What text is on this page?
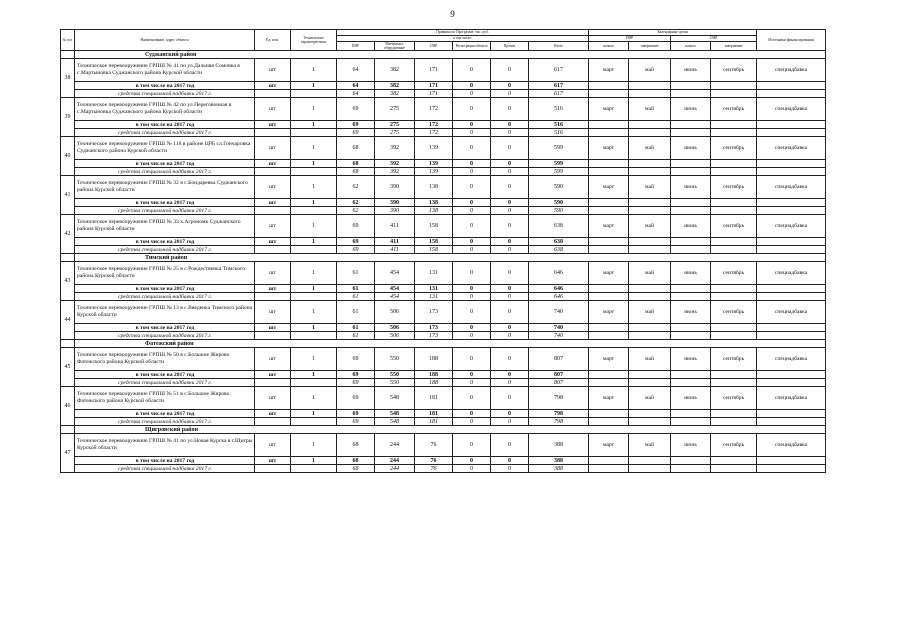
9
№ п/п	Наименование, адрес объекта	Ед. изм.	Технические характеристики	Привязка по Программе, тыс. руб.						Календарные сроки				Источники финансирования
				в том числе:						ПИР		СМР		
				ПИР	Материалы, оборудование	СМР	Регистрация объекта	Прочие	Итого	начало	завершение	начало	завершение	
	Суджанский район													
38	Техническое перевооружение ГРПШ № 41 по ул.Дальняя Сомовка в с.Мартыновка Суджанского района Курской области	шт	1	64	382	171	0	0	617	март	май	июнь	сентябрь	спецнадбавка
	в том числе на 2017 год	шт	1	64	382	171	0	0	617					
	средства специальной надбавки 2017 г.			64	382	171	0	0	617					
39	Техническое перевооружение ГРПШ № 42 по ул.Переговонная в с.Мартыновка Суджанского района Курской области	шт	1	69	275	172	0	0	516	март	май	июнь	сентябрь	спецнадбавка
	в том числе на 2017 год	шт	1	69	275	172	0	0	516					
	средства специальной надбавки 2017 г.			69	275	172	0	0	516					
40	Техническое перевооружение ГРПШ № 118 в районе ЦРБ сл.Гончаровка Суджанского района Курской области	шт	1	68	392	139	0	0	599	март	май	июнь	сентябрь	спецнадбавка
	в том числе на 2017 год	шт	1	68	392	139	0	0	599					
	средства специальной надбавки 2017 г.			68	392	139	0	0	599					
41	Техническое перевооружение ГРПШ № 32 в с.Бондаревка Суджанского района Курской области	шт	1	62	390	138	0	0	590	март	май	июнь	сентябрь	спецнадбавка
	в том числе на 2017 год	шт	1	62	390	138	0	0	590					
	средства специальной надбавки 2017 г.			62	390	138	0	0	590					
42	Техническое перевооружение ГРПШ № 33 х.Агрономк Суджанского района Курской области	шт	1	69	411	158	0	0	638	март	май	июнь	сентябрь	спецнадбавка
	в том числе на 2017 год	шт	1	69	411	158	0	0	638					
	средства специальной надбавки 2017 г.			69	411	158	0	0	638					
	Тимский район													
43	Техническое перевооружение ГРПШ № 25 в с.Рождественка Тимского района Курской области	шт	1	61	454	131	0	0	646	март	май	июнь	сентябрь	спецнадбавка
	в том числе на 2017 год	шт	1	61	454	131	0	0	646					
	средства специальной надбавки 2017 г.			61	454	131	0	0	646					
44	Техническое перевооружение ГРПШ № 13 в с.Введенка Тимского района Курской области	шт	1	61	506	173	0	0	740	март	май	июнь	сентябрь	спецнадбавка
	в том числе на 2017 год	шт	1	61	506	173	0	0	740					
	средства специальной надбавки 2017 г.			61	506	173	0	0	740					
	Фатежский район													
45	Техническое перевооружение ГРПШ № 50 в с.Большое Жирово Фатежского района Курской области	шт	1	69	550	188	0	0	807	март	май	июнь	сентябрь	спецнадбавка
	в том числе на 2017 год	шт	1	69	550	188	0	0	807					
	средства специальной надбавки 2017 г.			69	550	188	0	0	807					
46	Техническое перевооружение ГРПШ № 51 в с.Большое Жирово Фатежского района Курской области	шт	1	69	548	181	0	0	798	март	май	июнь	сентябрь	спецнадбавка
	в том числе на 2017 год	шт	1	69	548	181	0	0	798					
	средства специальной надбавки 2017 г.			69	548	181	0	0	798					
	Щигровский район													
47	Техническое перевооружение ГРПШ № 41 по ул.Новая Курска в г.Щигры Курской области	шт	1	68	244	76	0	0	388	март	май	июнь	сентябрь	спецнадбавка
	в том числе на 2017 год	шт	1	68	244	76	0	0	388					
	средства специальной надбавки 2017 г.			68	244	76	0	0	388					
